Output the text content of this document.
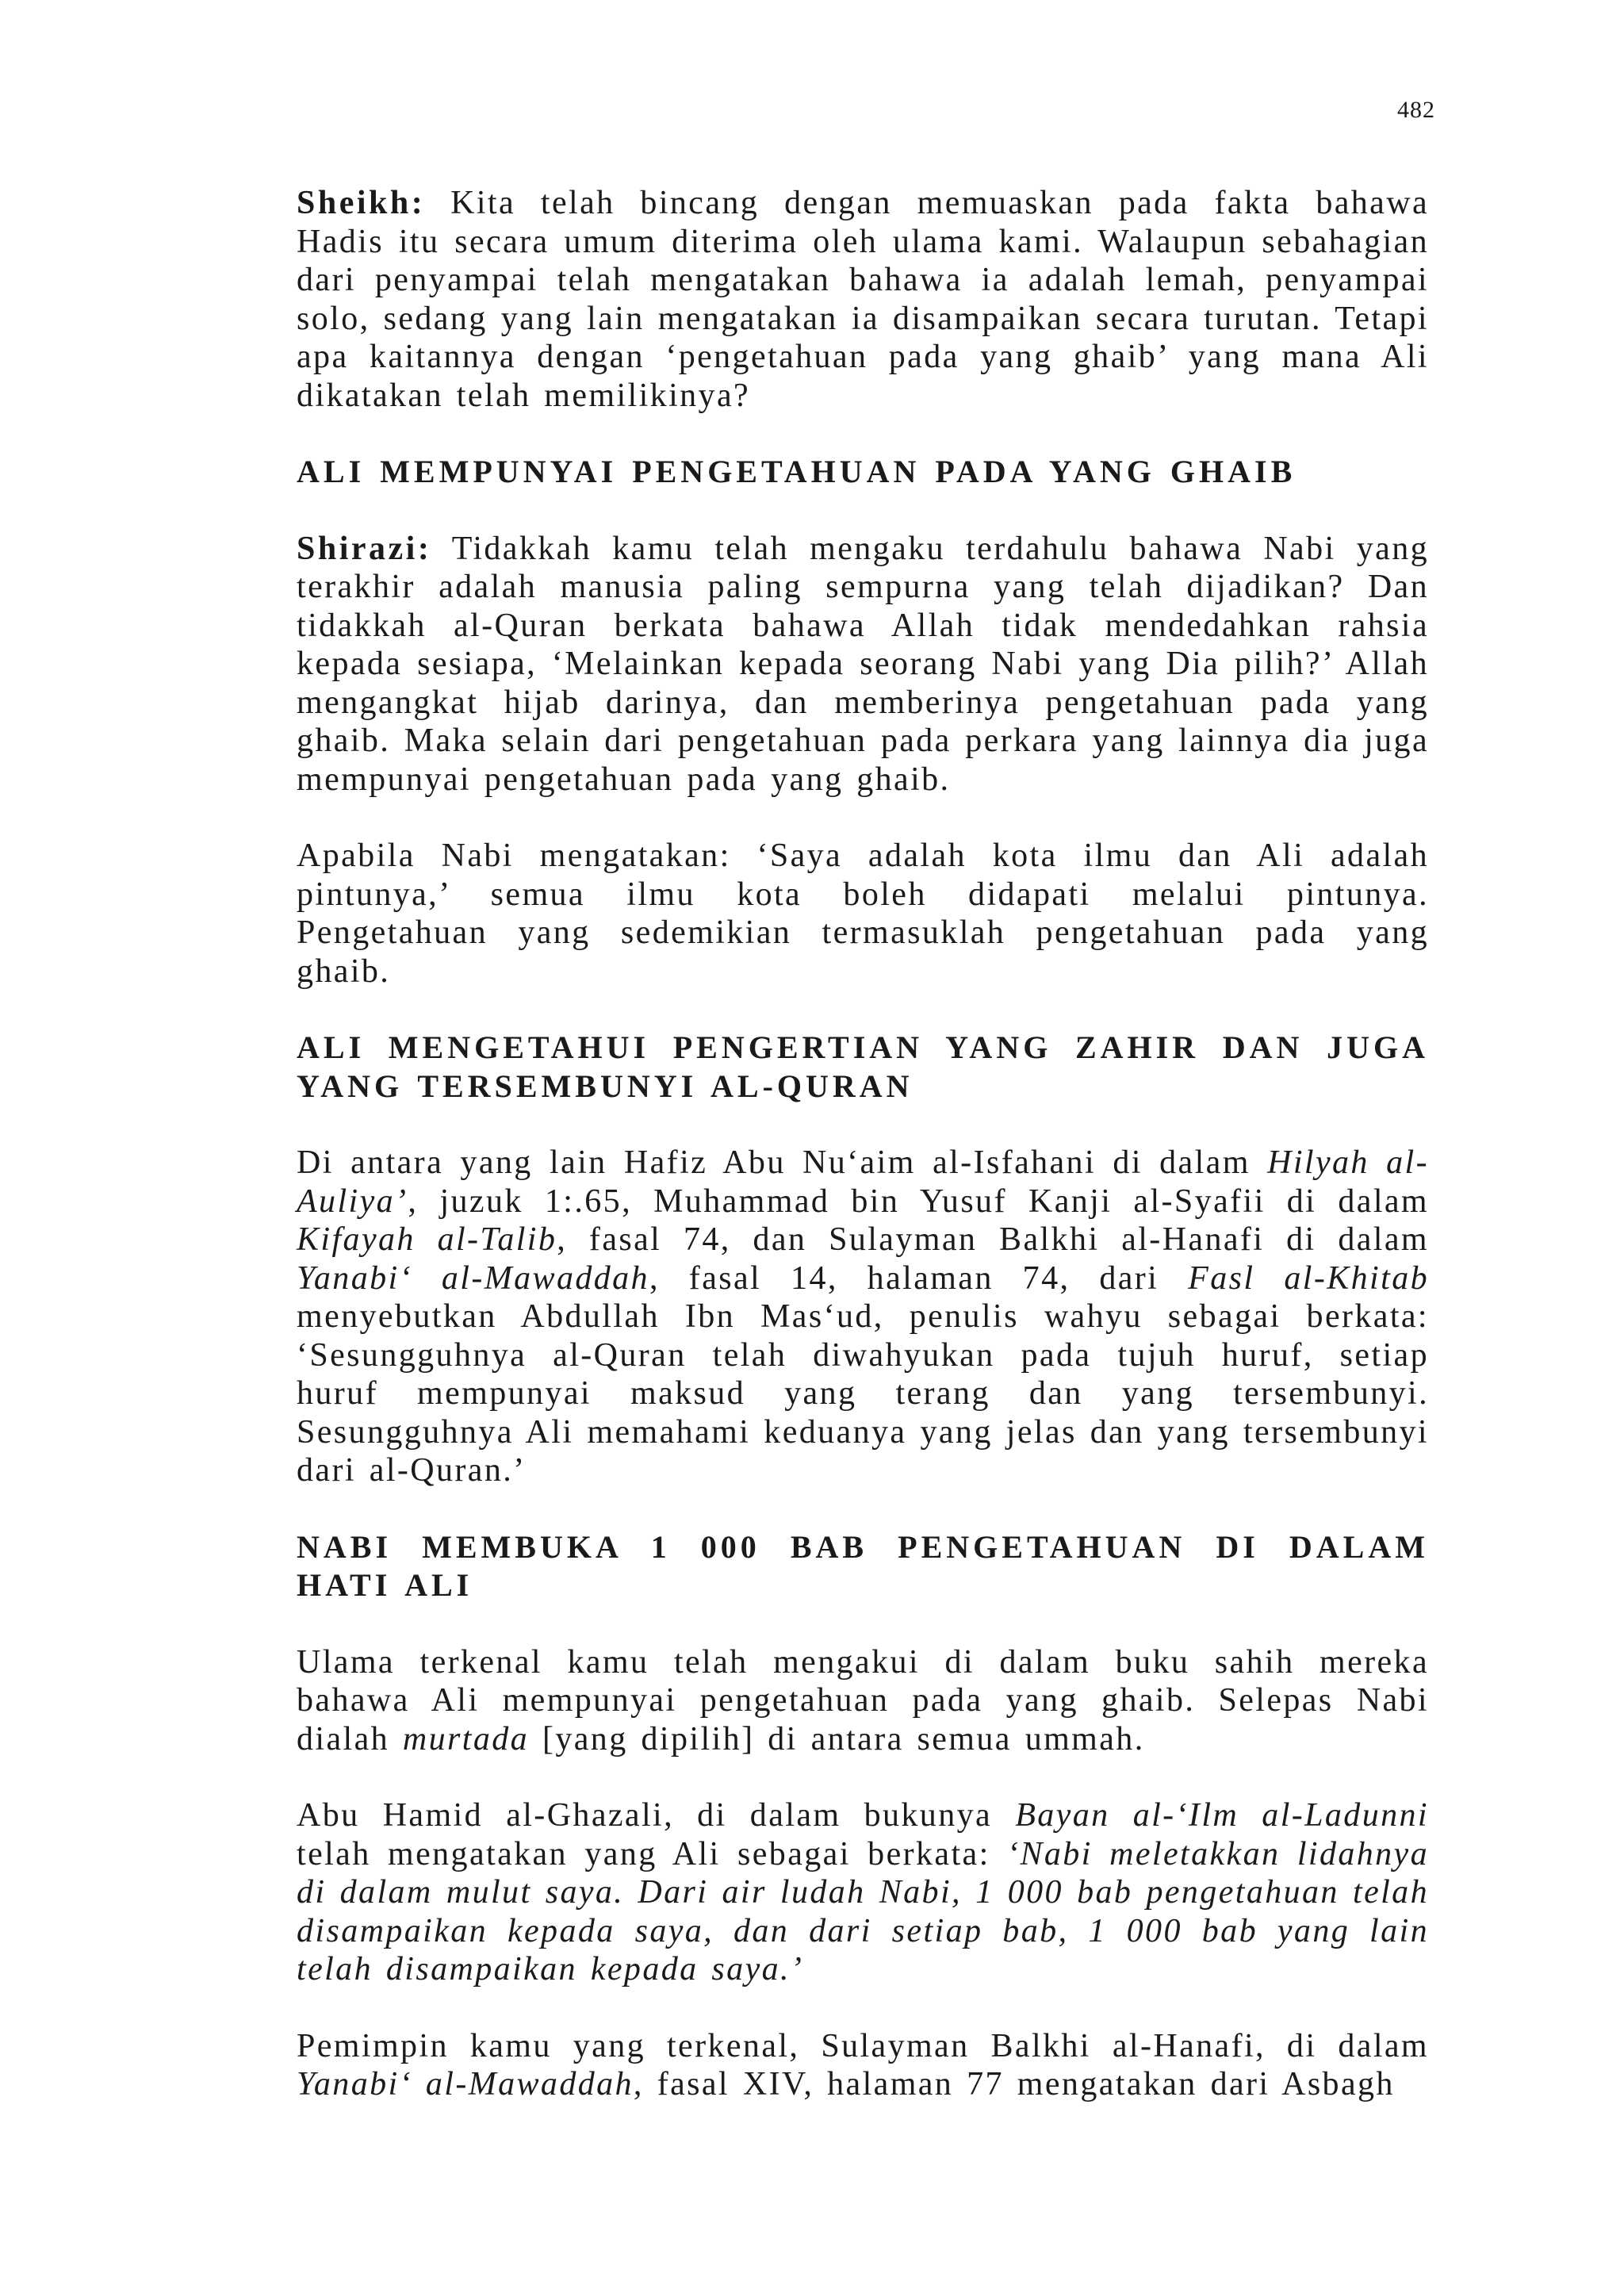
482

Sheikh: Kita telah bincang dengan memuaskan pada fakta bahawa Hadis itu secara umum diterima oleh ulama kami. Walaupun sebahagian dari penyampai telah mengatakan bahawa ia adalah lemah, penyampai solo, sedang yang lain mengatakan ia disampaikan secara turutan. Tetapi apa kaitannya dengan ‘pengetahuan pada yang ghaib’ yang mana Ali dikatakan telah memilikinya?

ALI MEMPUNYAI PENGETAHUAN PADA YANG GHAIB

Shirazi: Tidakkah kamu telah mengaku terdahulu bahawa Nabi yang terakhir adalah manusia paling sempurna yang telah dijadikan? Dan tidakkah al-Quran berkata bahawa Allah tidak mendedahkan rahsia kepada sesiapa, ‘Melainkan kepada seorang Nabi yang Dia pilih?’ Allah mengangkat hijab darinya, dan memberinya pengetahuan pada yang ghaib. Maka selain dari pengetahuan pada perkara yang lainnya dia juga mempunyai pengetahuan pada yang ghaib.

Apabila Nabi mengatakan: ‘Saya adalah kota ilmu dan Ali adalah pintunya,’ semua ilmu kota boleh didapati melalui pintunya. Pengetahuan yang sedemikian termasuklah pengetahuan pada yang ghaib.

ALI MENGETAHUI PENGERTIAN YANG ZAHIR DAN JUGA YANG TERSEMBUNYI AL-QURAN

Di antara yang lain Hafiz Abu Nu‘aim al-Isfahani di dalam Hilyah al-Auliya’, juzuk 1:.65, Muhammad bin Yusuf Kanji al-Syafii di dalam Kifayah al-Talib, fasal 74, dan Sulayman Balkhi al-Hanafi di dalam Yanabi‘ al-Mawaddah, fasal 14, halaman 74, dari Fasl al-Khitab menyebutkan Abdullah Ibn Mas‘ud, penulis wahyu sebagai berkata: ‘Sesungguhnya al-Quran telah diwahyukan pada tujuh huruf, setiap huruf mempunyai maksud yang terang dan yang tersembunyi. Sesungguhnya Ali memahami keduanya yang jelas dan yang tersembunyi dari al-Quran.’

NABI MEMBUKA 1 000 BAB PENGETAHUAN DI DALAM HATI ALI

Ulama terkenal kamu telah mengakui di dalam buku sahih mereka bahawa Ali mempunyai pengetahuan pada yang ghaib. Selepas Nabi dialah murtada [yang dipilih] di antara semua ummah.

Abu Hamid al-Ghazali, di dalam bukunya Bayan al-‘Ilm al-Ladunni telah mengatakan yang Ali sebagai berkata: ‘Nabi meletakkan lidahnya di dalam mulut saya. Dari air ludah Nabi, 1 000 bab pengetahuan telah disampaikan kepada saya, dan dari setiap bab, 1 000 bab yang lain telah disampaikan kepada saya.’

Pemimpin kamu yang terkenal, Sulayman Balkhi al-Hanafi, di dalam Yanabi‘ al-Mawaddah, fasal XIV, halaman 77 mengatakan dari Asbagh
